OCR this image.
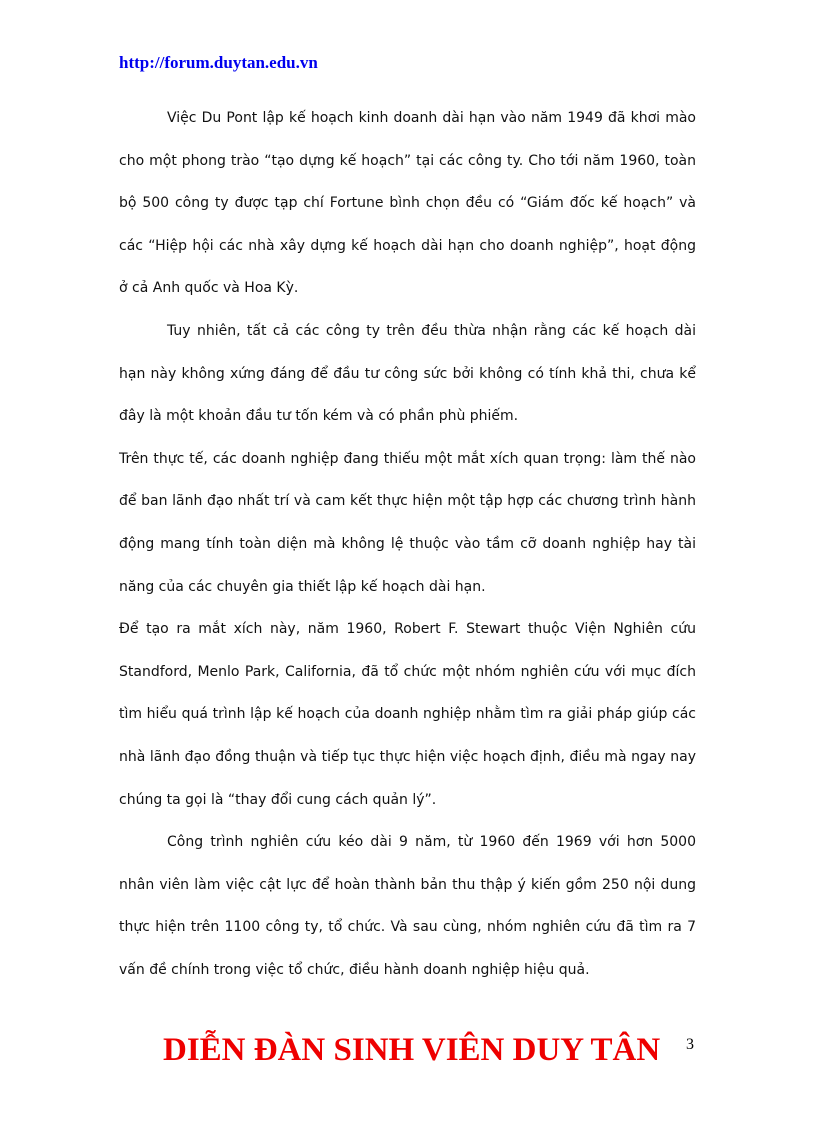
http://forum.duytan.edu.vn

Việc Du Pont lập kế hoạch kinh doanh dài hạn vào năm 1949 đã khơi mào cho một phong trào “tạo dựng kế hoạch” tại các công ty. Cho tới năm 1960, toàn bộ 500 công ty được tạp chí Fortune bình chọn đều có “Giám đốc kế hoạch” và các “Hiệp hội các nhà xây dựng kế hoạch dài hạn cho doanh nghiệp”, hoạt động ở cả Anh quốc và Hoa Kỳ.

Tuy nhiên, tất cả các công ty trên đều thừa nhận rằng các kế hoạch dài hạn này không xứng đáng để đầu tư công sức bởi không có tính khả thi, chưa kể đây là một khoản đầu tư tốn kém và có phần phù phiếm.

Trên thực tế, các doanh nghiệp đang thiếu một mắt xích quan trọng: làm thế nào để ban lãnh đạo nhất trí và cam kết thực hiện một tập hợp các chương trình hành động mang tính toàn diện mà không lệ thuộc vào tầm cỡ doanh nghiệp hay tài năng của các chuyên gia thiết lập kế hoạch dài hạn.

Để tạo ra mắt xích này, năm 1960, Robert F. Stewart thuộc Viện Nghiên cứu Standford, Menlo Park, California, đã tổ chức một nhóm nghiên cứu với mục đích tìm hiểu quá trình lập kế hoạch của doanh nghiệp nhằm tìm ra giải pháp giúp các nhà lãnh đạo đồng thuận và tiếp tục thực hiện việc hoạch định, điều mà ngay nay chúng ta gọi là “thay đổi cung cách quản lý”.

Công trình nghiên cứu kéo dài 9 năm, từ 1960 đến 1969 với hơn 5000 nhân viên làm việc cật lực để hoàn thành bản thu thập ý kiến gồm 250 nội dung thực hiện trên 1100 công ty, tổ chức. Và sau cùng, nhóm nghiên cứu đã tìm ra 7 vấn đề chính trong việc tổ chức, điều hành doanh nghiệp hiệu quả.

DIỄN ĐÀN SINH VIÊN DUY TÂN 3
